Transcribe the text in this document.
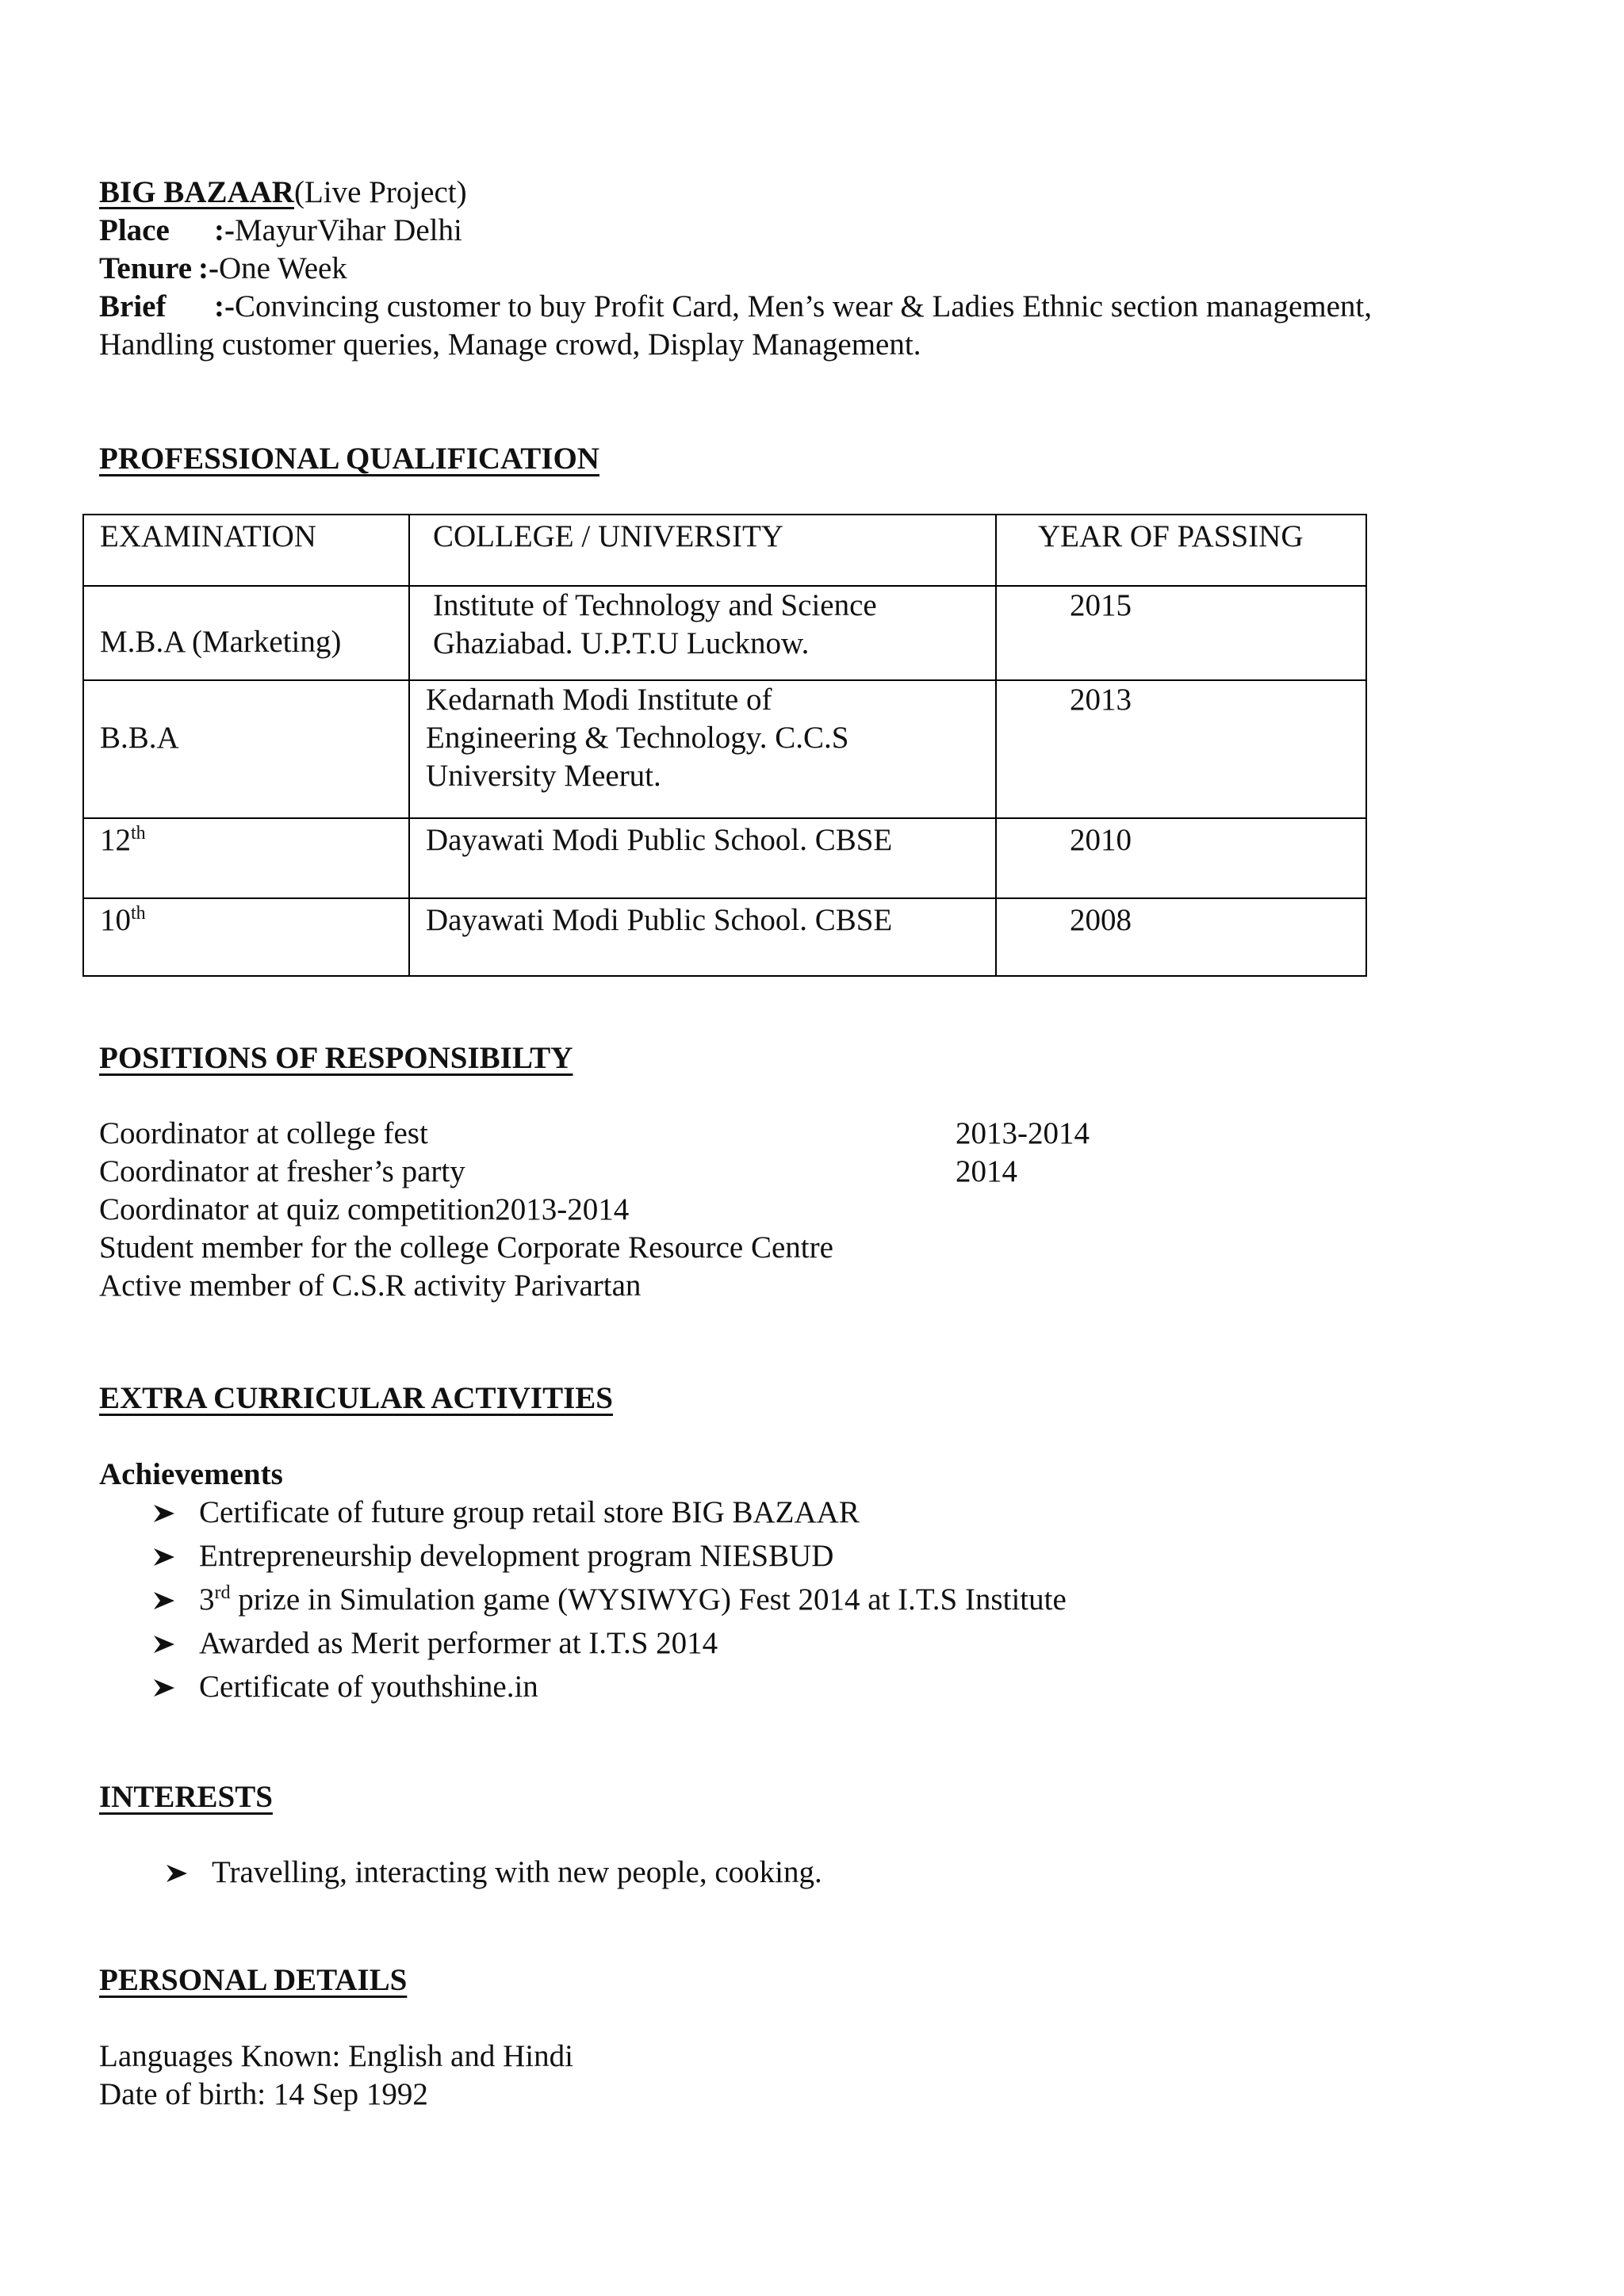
BIG BAZAAR(Live Project)
Place :-MayurVihar Delhi
Tenure :-One Week
Brief :-Convincing customer to buy Profit Card, Men’s wear & Ladies Ethnic section management,
Handling customer queries, Manage crowd, Display Management.
PROFESSIONAL QUALIFICATION
EXAMINATION	COLLEGE / UNIVERSITY	YEAR OF PASSING

M.B.A (Marketing)	Institute of Technology and Science
Ghaziabad. U.P.T.U Lucknow.	2015

B.B.A	Kedarnath Modi Institute of
Engineering & Technology. C.C.S
University Meerut.	2013

12th	Dayawati Modi Public School. CBSE	2010

10th	Dayawati Modi Public School. CBSE	2008
POSITIONS OF RESPONSIBILTY
Coordinator at college fest	2013-2014
Coordinator at fresher’s party	2014
Coordinator at quiz competition2013-2014
Student member for the college Corporate Resource Centre
Active member of C.S.R activity Parivartan
EXTRA CURRICULAR ACTIVITIES
Achievements
Certificate of future group retail store BIG BAZAAR
Entrepreneurship development program NIESBUD
3rd prize in Simulation game (WYSIWYG) Fest 2014 at I.T.S Institute
Awarded as Merit performer at I.T.S 2014
Certificate of youthshine.in
INTERESTS
Travelling, interacting with new people, cooking.
PERSONAL DETAILS
Languages Known: English and Hindi
Date of birth: 14 Sep 1992
